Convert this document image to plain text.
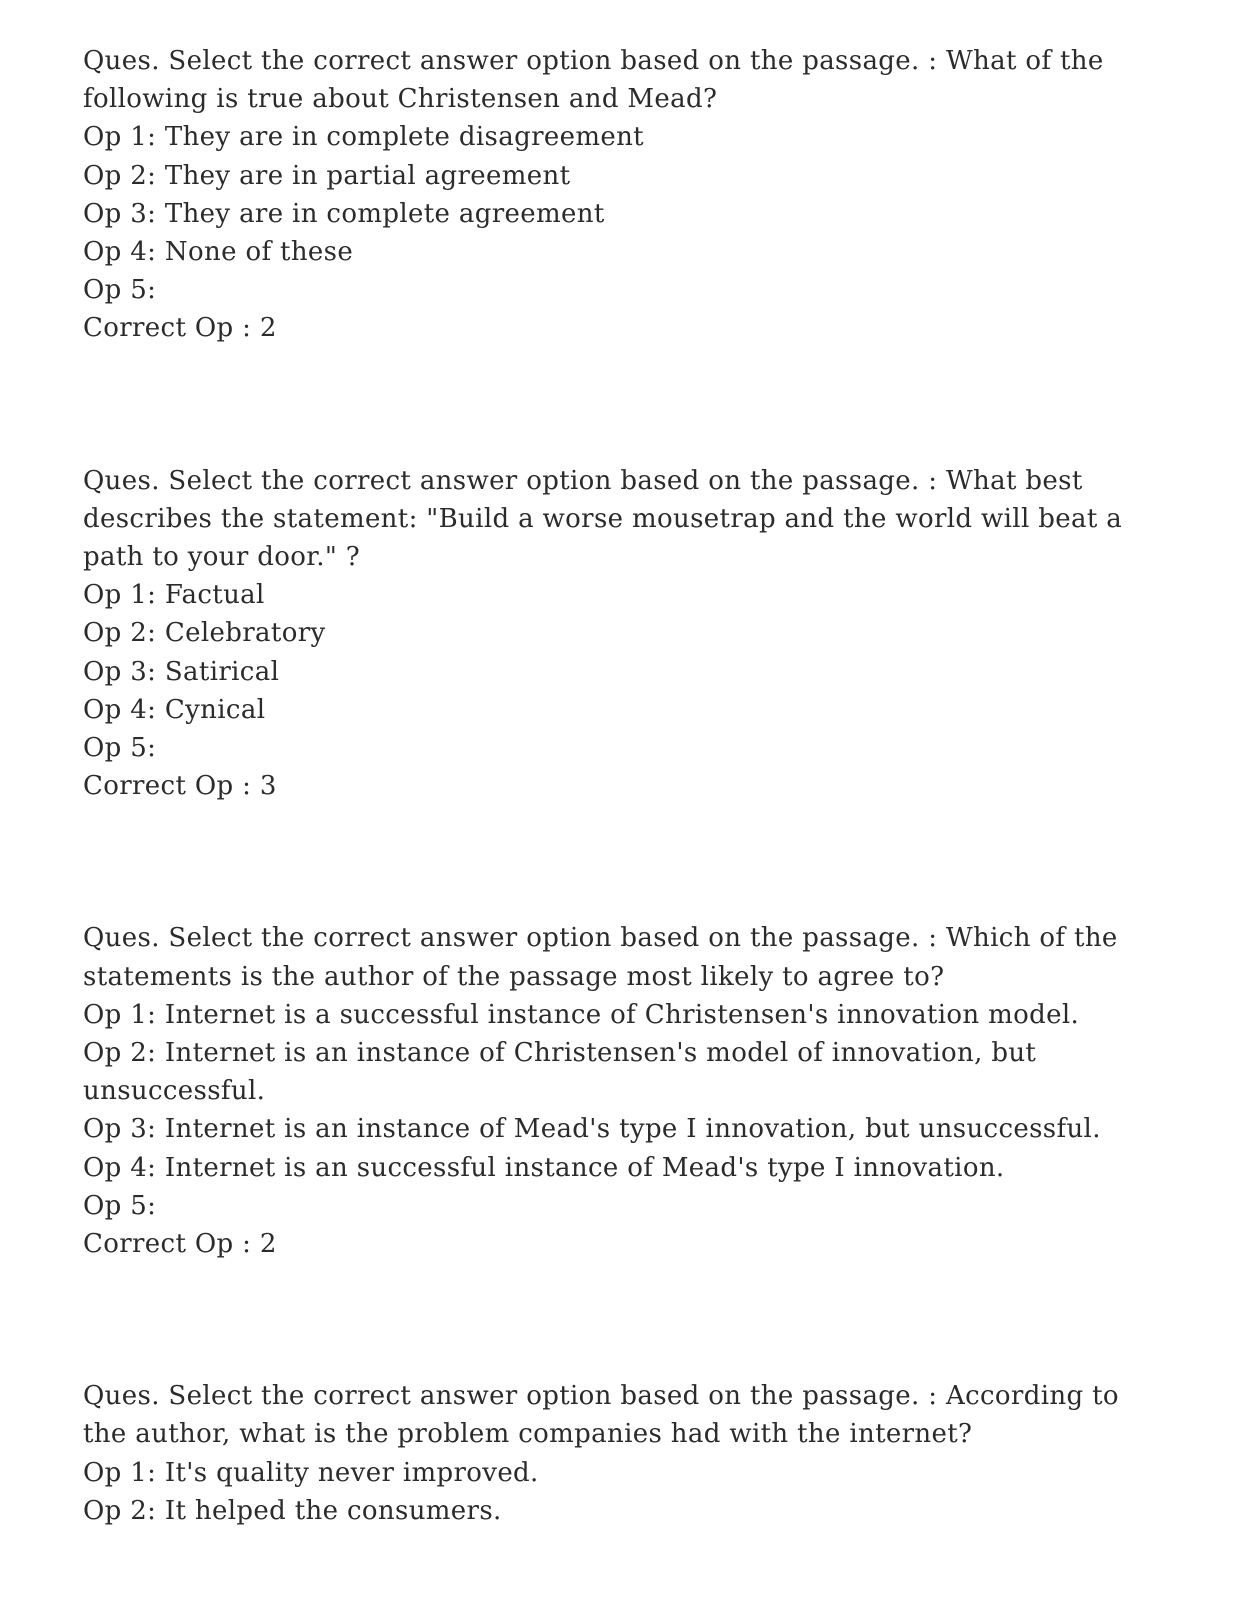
Ques. Select the correct answer option based on the passage. : What of the following is true about Christensen and Mead?
Op 1: They are in complete disagreement
Op 2: They are in partial agreement
Op 3: They are in complete agreement
Op 4: None of these
Op 5:
Correct Op : 2
Ques. Select the correct answer option based on the passage. : What best describes the statement: "Build a worse mousetrap and the world will beat a path to your door." ?
Op 1: Factual
Op 2: Celebratory
Op 3: Satirical
Op 4: Cynical
Op 5:
Correct Op : 3
Ques. Select the correct answer option based on the passage. : Which of the statements is the author of the passage most likely to agree to?
Op 1: Internet is a successful instance of Christensen's innovation model.
Op 2: Internet is an instance of Christensen's model of innovation, but unsuccessful.
Op 3: Internet is an instance of Mead's type I innovation, but unsuccessful.
Op 4: Internet is an successful instance of Mead's type I innovation.
Op 5:
Correct Op : 2
Ques. Select the correct answer option based on the passage. : According to the author, what is the problem companies had with the internet?
Op 1: It's quality never improved.
Op 2: It helped the consumers.
